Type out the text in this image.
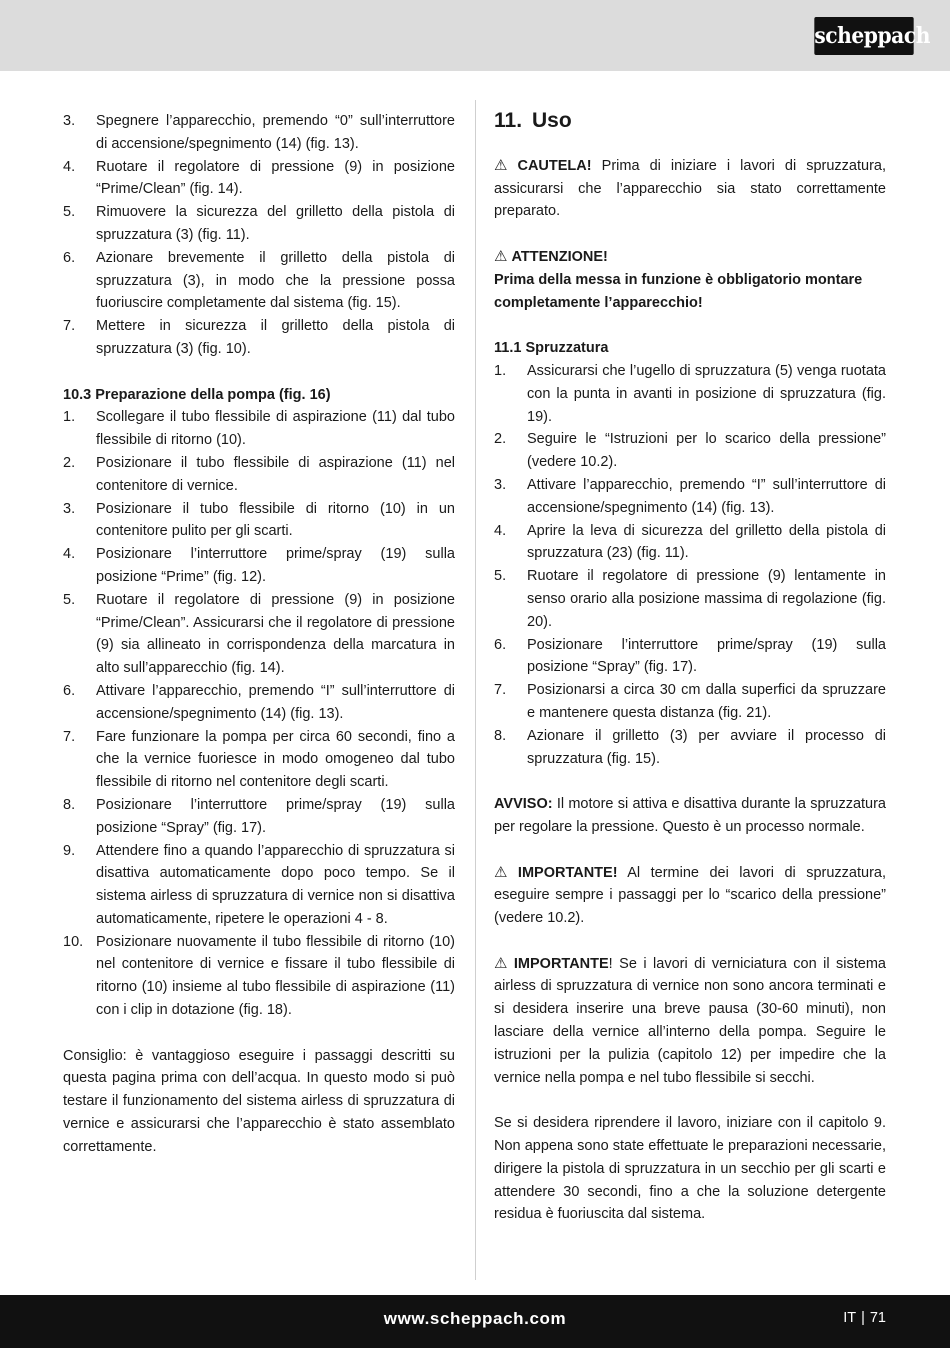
scheppach
3.	Spegnere l’apparecchio, premendo “0” sull’interruttore di accensione/spegnimento (14) (fig. 13).
4.	Ruotare il regolatore di pressione (9) in posizione “Prime/Clean” (fig. 14).
5.	Rimuovere la sicurezza del grilletto della pistola di spruzzatura (3) (fig. 11).
6.	Azionare brevemente il grilletto della pistola di spruzzatura (3), in modo che la pressione possa fuoriuscire completamente dal sistema (fig. 15).
7.	Mettere in sicurezza il grilletto della pistola di spruzzatura (3) (fig. 10).

10.3 Preparazione della pompa (fig. 16)

1.	Scollegare il tubo flessibile di aspirazione (11) dal tubo flessibile di ritorno (10).
2.	Posizionare il tubo flessibile di aspirazione (11) nel contenitore di vernice.
3.	Posizionare il tubo flessibile di ritorno (10) in un contenitore pulito per gli scarti.
4.	Posizionare l’interruttore prime/spray (19) sulla posizione “Prime” (fig. 12).
5.	Ruotare il regolatore di pressione (9) in posizione “Prime/Clean”. Assicurarsi che il regolatore di pressione (9) sia allineato in corrispondenza della marcatura in alto sull’apparecchio (fig. 14).
6.	Attivare l’apparecchio, premendo “I” sull’interruttore di accensione/spegnimento (14) (fig. 13).
7.	Fare funzionare la pompa per circa 60 secondi, fino a che la vernice fuoriesce in modo omogeneo dal tubo flessibile di ritorno nel contenitore degli scarti.
8.	Posizionare l’interruttore prime/spray (19) sulla posizione “Spray” (fig. 17).
9.	Attendere fino a quando l’apparecchio di spruzzatura si disattiva automaticamente dopo poco tempo. Se il sistema airless di spruzzatura di vernice non si disattiva automaticamente, ripetere le operazioni 4 - 8.
10. Posizionare nuovamente il tubo flessibile di ritorno (10) nel contenitore di vernice e fissare il tubo flessibile di ritorno (10) insieme al tubo flessibile di aspirazione (11) con i clip in dotazione (fig. 18).

Consiglio: è vantaggioso eseguire i passaggi descritti su questa pagina prima con dell’acqua. In questo modo si può testare il funzionamento del sistema airless di spruzzatura di vernice e assicurarsi che l’apparecchio è stato assemblato correttamente.

11. Uso

⚠ CAUTELA! Prima di iniziare i lavori di spruzzatura, assicurarsi che l’apparecchio sia stato correttamente preparato.

⚠ ATTENZIONE!

Prima della messa in funzione è obbligatorio montare completamente l’apparecchio!

11.1 Spruzzatura

1.	Assicurarsi che l’ugello di spruzzatura (5) venga ruotata con la punta in avanti in posizione di spruzzatura (fig. 19).
2.	Seguire le “Istruzioni per lo scarico della pressione” (vedere 10.2).
3.	Attivare l’apparecchio, premendo “I” sull’interruttore di accensione/spegnimento (14) (fig. 13).
4.	Aprire la leva di sicurezza del grilletto della pistola di spruzzatura (23) (fig. 11).
5.	Ruotare il regolatore di pressione (9) lentamente in senso orario alla posizione massima di regolazione (fig. 20).
6.	Posizionare l’interruttore prime/spray (19) sulla posizione “Spray” (fig. 17).
7.	Posizionarsi a circa 30 cm dalla superfici da spruzzare e mantenere questa distanza (fig. 21).
8.	Azionare il grilletto (3) per avviare il processo di spruzzatura (fig. 15).

AVVISO: Il motore si attiva e disattiva durante la spruzzatura per regolare la pressione. Questo è un processo normale.

⚠ IMPORTANTE! Al termine dei lavori di spruzzatura, eseguire sempre i passaggi per lo “scarico della pressione” (vedere 10.2).

⚠ IMPORTANTE! Se i lavori di verniciatura con il sistema airless di spruzzatura di vernice non sono ancora terminati e si desidera inserire una breve pausa (30-60 minuti), non lasciare della vernice all’interno della pompa. Seguire le istruzioni per la pulizia (capitolo 12) per impedire che la vernice nella pompa e nel tubo flessibile si secchi.

Se si desidera riprendere il lavoro, iniziare con il capitolo 9. Non appena sono state effettuate le preparazioni necessarie, dirigere la pistola di spruzzatura in un secchio per gli scarti e attendere 30 secondi, fino a che la soluzione detergente residua è fuoriuscita dal sistema.

www.scheppach.com	IT | 71
